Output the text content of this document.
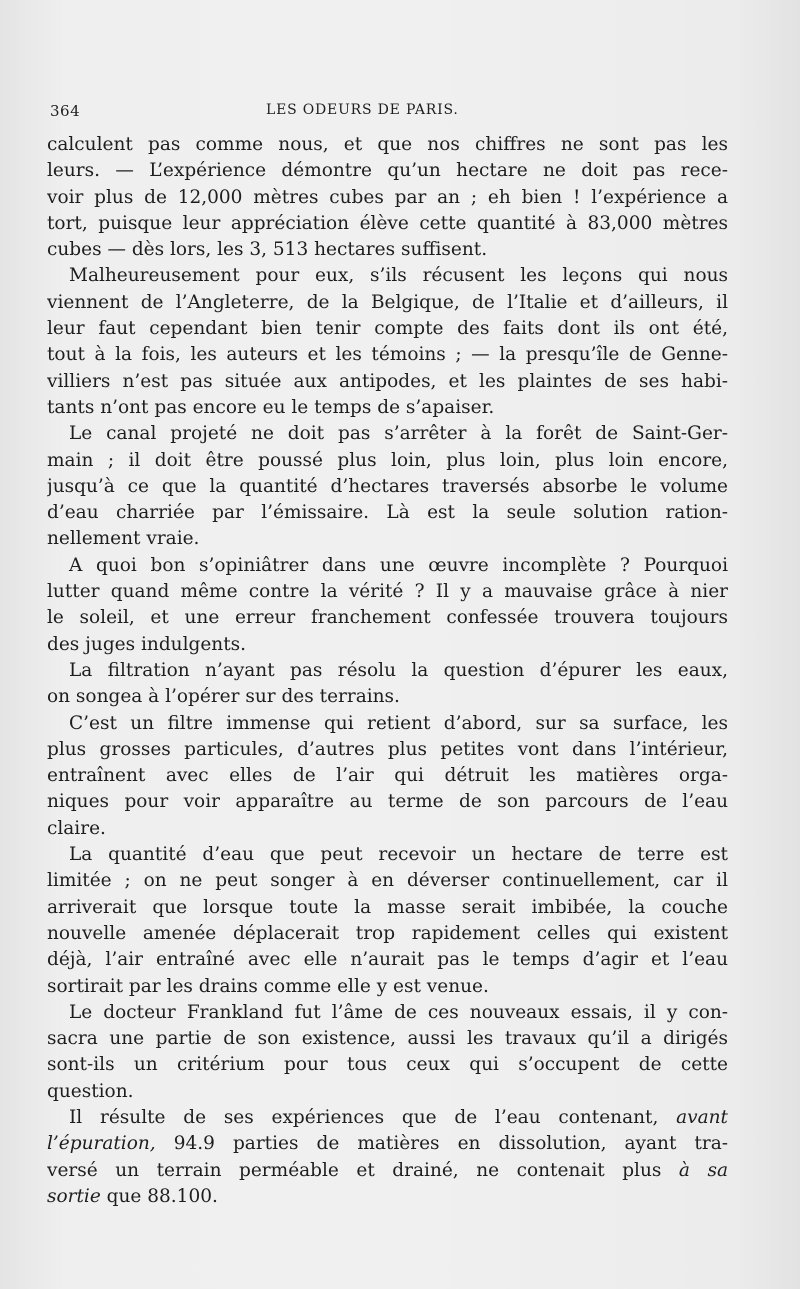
364	LES ODEURS DE PARIS.
calculent pas comme nous, et que nos chiffres ne sont pas les
leurs. — L’expérience démontre qu’un hectare ne doit pas rece-
voir plus de 12,000 mètres cubes par an ; eh bien ! l’expérience a
tort, puisque leur appréciation élève cette quantité à 83,000 mètres
cubes — dès lors, les 3, 513 hectares suffisent.
Malheureusement pour eux, s’ils récusent les leçons qui nous
viennent de l’Angleterre, de la Belgique, de l’Italie et d’ailleurs, il
leur faut cependant bien tenir compte des faits dont ils ont été,
tout à la fois, les auteurs et les témoins ; — la presqu’île de Genne-
villiers n’est pas située aux antipodes, et les plaintes de ses habi-
tants n’ont pas encore eu le temps de s’apaiser.
Le canal projeté ne doit pas s’arrêter à la forêt de Saint-Ger-
main ; il doit être poussé plus loin, plus loin, plus loin encore,
jusqu’à ce que la quantité d’hectares traversés absorbe le volume
d’eau charriée par l’émissaire. Là est la seule solution ration-
nellement vraie.
A quoi bon s’opiniâtrer dans une œuvre incomplète ? Pourquoi
lutter quand même contre la vérité ? Il y a mauvaise grâce à nier
le soleil, et une erreur franchement confessée trouvera toujours
des juges indulgents.
La filtration n’ayant pas résolu la question d’épurer les eaux,
on songea à l’opérer sur des terrains.
C’est un filtre immense qui retient d’abord, sur sa surface, les
plus grosses particules, d’autres plus petites vont dans l’intérieur,
entraînent avec elles de l’air qui détruit les matières orga-
niques pour voir apparaître au terme de son parcours de l’eau
claire.
La quantité d’eau que peut recevoir un hectare de terre est
limitée ; on ne peut songer à en déverser continuellement, car il
arriverait que lorsque toute la masse serait imbibée, la couche
nouvelle amenée déplacerait trop rapidement celles qui existent
déjà, l’air entraîné avec elle n’aurait pas le temps d’agir et l’eau
sortirait par les drains comme elle y est venue.
Le docteur Frankland fut l’âme de ces nouveaux essais, il y con-
sacra une partie de son existence, aussi les travaux qu’il a dirigés
sont-ils un critérium pour tous ceux qui s’occupent de cette
question.
Il résulte de ses expériences que de l’eau contenant, avant
l’épuration, 94.9 parties de matières en dissolution, ayant tra-
versé un terrain perméable et drainé, ne contenait plus à sa
sortie que 88.100.
